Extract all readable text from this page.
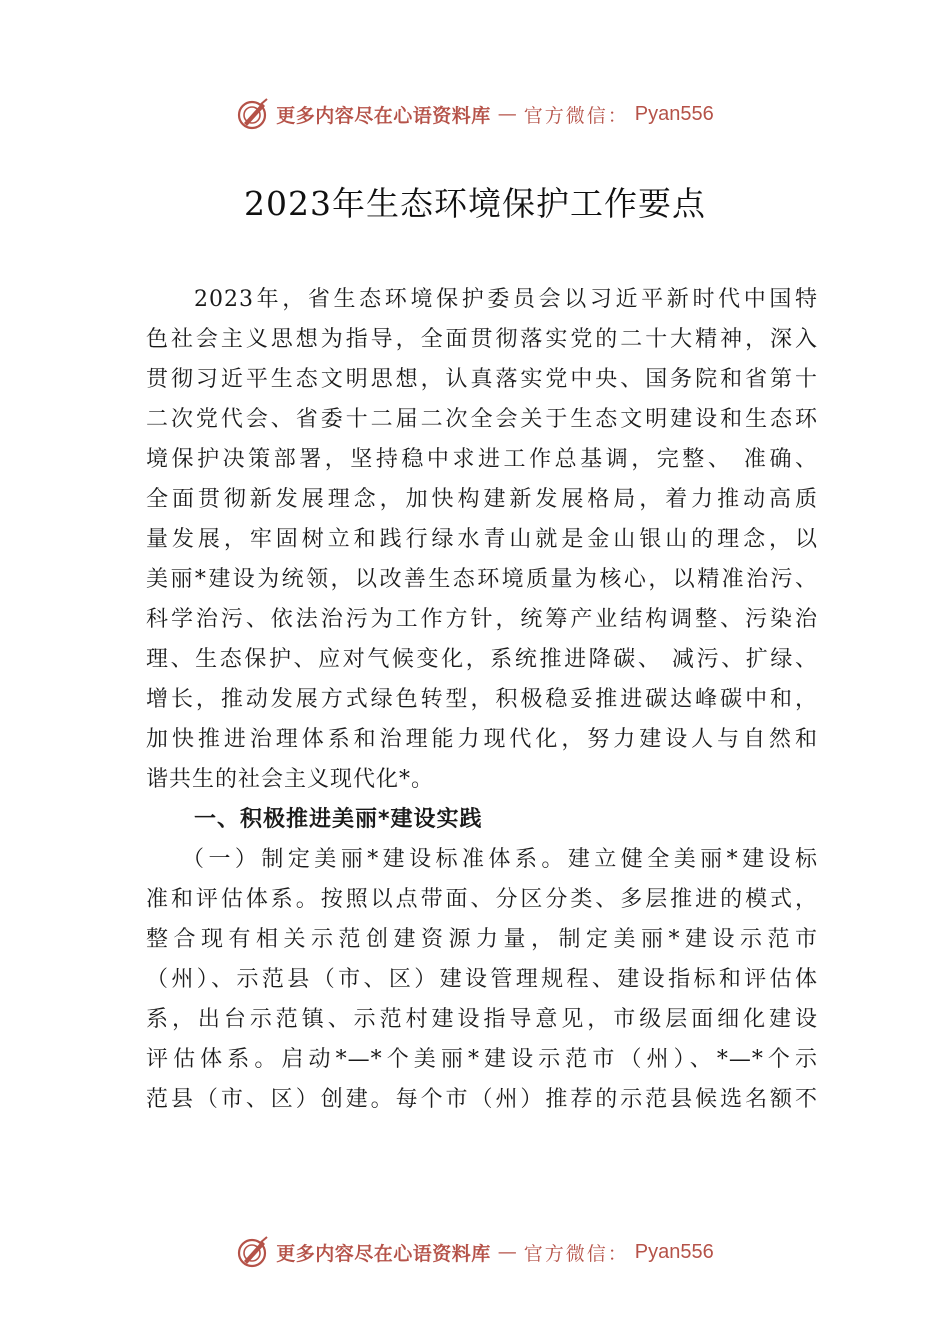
更多内容尽在心语资料库 — 官方微信： Pyan556
2023年生态环境保护工作要点
2023年，省生态环境保护委员会以习近平新时代中国特
色社会主义思想为指导，全面贯彻落实党的二十大精神，深入
贯彻习近平生态文明思想，认真落实党中央、国务院和省第十
二次党代会、省委十二届二次全会关于生态文明建设和生态环
境保护决策部署，坚持稳中求进工作总基调，完整、 准确、
全面贯彻新发展理念，加快构建新发展格局，着力推动高质
量发展，牢固树立和践行绿水青山就是金山银山的理念，以
美丽*建设为统领，以改善生态环境质量为核心，以精准治污、
科学治污、依法治污为工作方针，统筹产业结构调整、污染治
理、生态保护、应对气候变化，系统推进降碳、 减污、扩绿、
增长，推动发展方式绿色转型，积极稳妥推进碳达峰碳中和，
加快推进治理体系和治理能力现代化，努力建设人与自然和
谐共生的社会主义现代化*。
一、积极推进美丽*建设实践
（一）制定美丽*建设标准体系。建立健全美丽*建设标
准和评估体系。按照以点带面、分区分类、多层推进的模式，
整合现有相关示范创建资源力量，制定美丽*建设示范市
（州）、示范县（市、区）建设管理规程、建设指标和评估体
系，出台示范镇、示范村建设指导意见，市级层面细化建设
评估体系。启动*—*个美丽*建设示范市（州）、*—*个示
范县（市、区）创建。每个市（州）推荐的示范县候选名额不
更多内容尽在心语资料库 — 官方微信： Pyan556
